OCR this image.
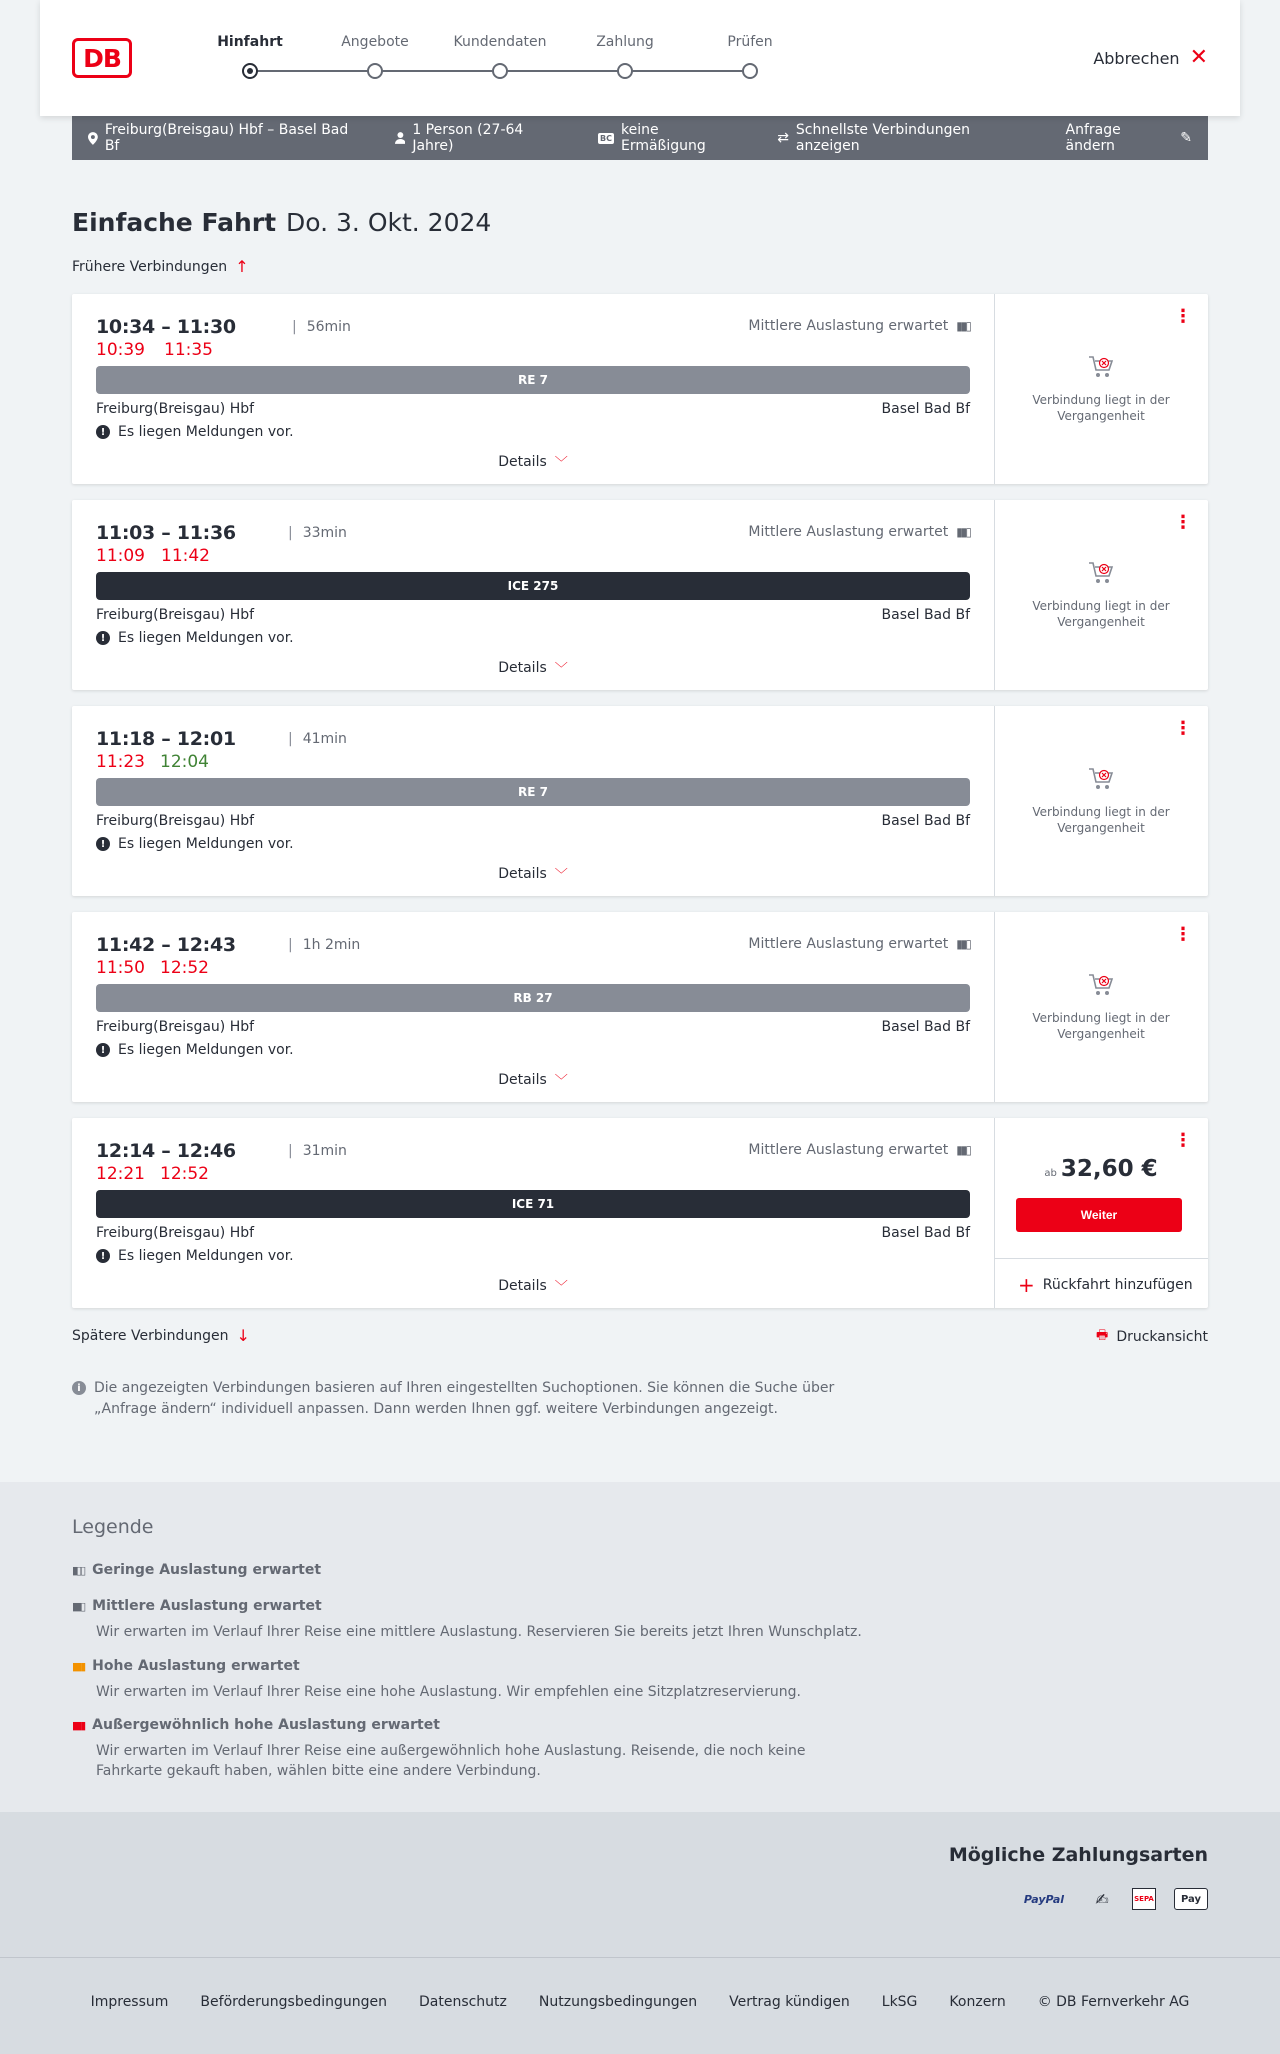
DB
Hinfahrt	Angebote	Kundendaten	Zahlung	Prüfen
Abbrechen ✕
Freiburg(Breisgau) Hbf – Basel Bad Bf
1 Person (27-64 Jahre)	BC keine Ermäßigung	⇄ Schnellste Verbindungen anzeigen
Anfrage ändern	✎
Einfache Fahrt Do. 3. Okt. 2024
Frühere Verbindungen ↑
10:34 – 11:30	| 56min
10:39 11:35
Mittlere Auslastung erwartet ▮▮▯
RE 7
Freiburg(Breisgau) Hbf	Basel Bad Bf
! Es liegen Meldungen vor.
Details ﹀
⋮
Verbindung liegt in der Vergangenheit
11:03 – 11:36	| 33min
11:09 11:42
Mittlere Auslastung erwartet ▮▮▯
ICE 275
Freiburg(Breisgau) Hbf	Basel Bad Bf
! Es liegen Meldungen vor.
Details ﹀
⋮
Verbindung liegt in der Vergangenheit
11:18 – 12:01	| 41min
11:23 12:04
RE 7
Freiburg(Breisgau) Hbf	Basel Bad Bf
! Es liegen Meldungen vor.
Details ﹀
⋮
Verbindung liegt in der Vergangenheit
11:42 – 12:43	| 1h 2min
11:50 12:52
Mittlere Auslastung erwartet ▮▮▯
RB 27
Freiburg(Breisgau) Hbf	Basel Bad Bf
! Es liegen Meldungen vor.
Details ﹀
⋮
Verbindung liegt in der Vergangenheit
12:14 – 12:46	| 31min
12:21 12:52
Mittlere Auslastung erwartet ▮▮▯
ICE 71
Freiburg(Breisgau) Hbf	Basel Bad Bf
! Es liegen Meldungen vor.
Details ﹀
⋮
ab 32,60 €
Weiter
+ Rückfahrt hinzufügen
Spätere Verbindungen ↓	🖶 Druckansicht
i Die angezeigten Verbindungen basieren auf Ihren eingestellten Suchoptionen. Sie können die Suche über „Anfrage ändern“ individuell anpassen. Dann werden Ihnen ggf. weitere Verbindungen angezeigt.
Legende
▮▯▯ Geringe Auslastung erwartet
▮▮▯ Mittlere Auslastung erwartet
Wir erwarten im Verlauf Ihrer Reise eine mittlere Auslastung. Reservieren Sie bereits jetzt Ihren Wunschplatz.
▮▮▮ Hohe Auslastung erwartet
Wir erwarten im Verlauf Ihrer Reise eine hohe Auslastung. Wir empfehlen eine Sitzplatzreservierung.
▮▮▮ Außergewöhnlich hohe Auslastung erwartet
Wir erwarten im Verlauf Ihrer Reise eine außergewöhnlich hohe Auslastung. Reisende, die noch keine Fahrkarte gekauft haben, wählen bitte eine andere Verbindung.
Mögliche Zahlungsarten
PayPal	✍	SEPA	Pay
Impressum Beförderungsbedingungen Datenschutz Nutzungsbedingungen Vertrag kündigen LkSG Konzern © DB Fernverkehr AG
